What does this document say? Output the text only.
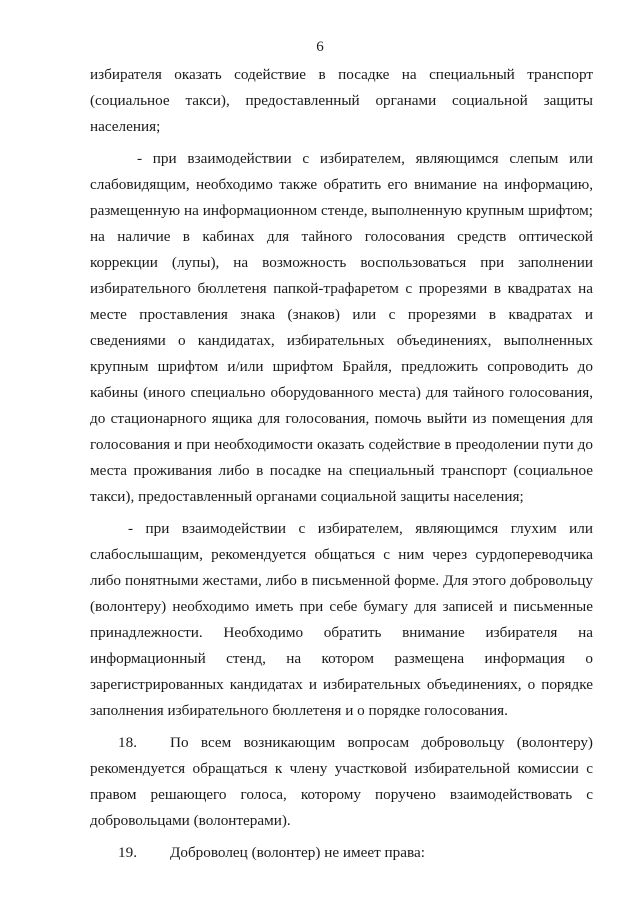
6

избирателя оказать содействие в посадке на специальный транспорт (социальное такси), предоставленный органами социальной защиты населения;

- при взаимодействии с избирателем, являющимся слепым или слабовидящим, необходимо также обратить его внимание на информацию, размещенную на информационном стенде, выполненную крупным шрифтом; на наличие в кабинах для тайного голосования средств оптической коррекции (лупы), на возможность воспользоваться при заполнении избирательного бюллетеня папкой-трафаретом с прорезями в квадратах на месте проставления знака (знаков) или с прорезями в квадратах и сведениями о кандидатах, избирательных объединениях, выполненных крупным шрифтом и/или шрифтом Брайля, предложить сопроводить до кабины (иного специально оборудованного места) для тайного голосования, до стационарного ящика для голосования, помочь выйти из помещения для голосования и при необходимости оказать содействие в преодолении пути до места проживания либо в посадке на специальный транспорт (социальное такси), предоставленный органами социальной защиты населения;

- при взаимодействии с избирателем, являющимся глухим или слабослышащим, рекомендуется общаться с ним через сурдопереводчика либо понятными жестами, либо в письменной форме. Для этого добровольцу (волонтеру) необходимо иметь при себе бумагу для записей и письменные принадлежности. Необходимо обратить внимание избирателя на информационный стенд, на котором размещена информация о зарегистрированных кандидатах и избирательных объединениях, о порядке заполнения избирательного бюллетеня и о порядке голосования.

18. По всем возникающим вопросам добровольцу (волонтеру) рекомендуется обращаться к члену участковой избирательной комиссии с правом решающего голоса, которому поручено взаимодействовать с добровольцами (волонтерами).

19. Доброволец (волонтер) не имеет права:
